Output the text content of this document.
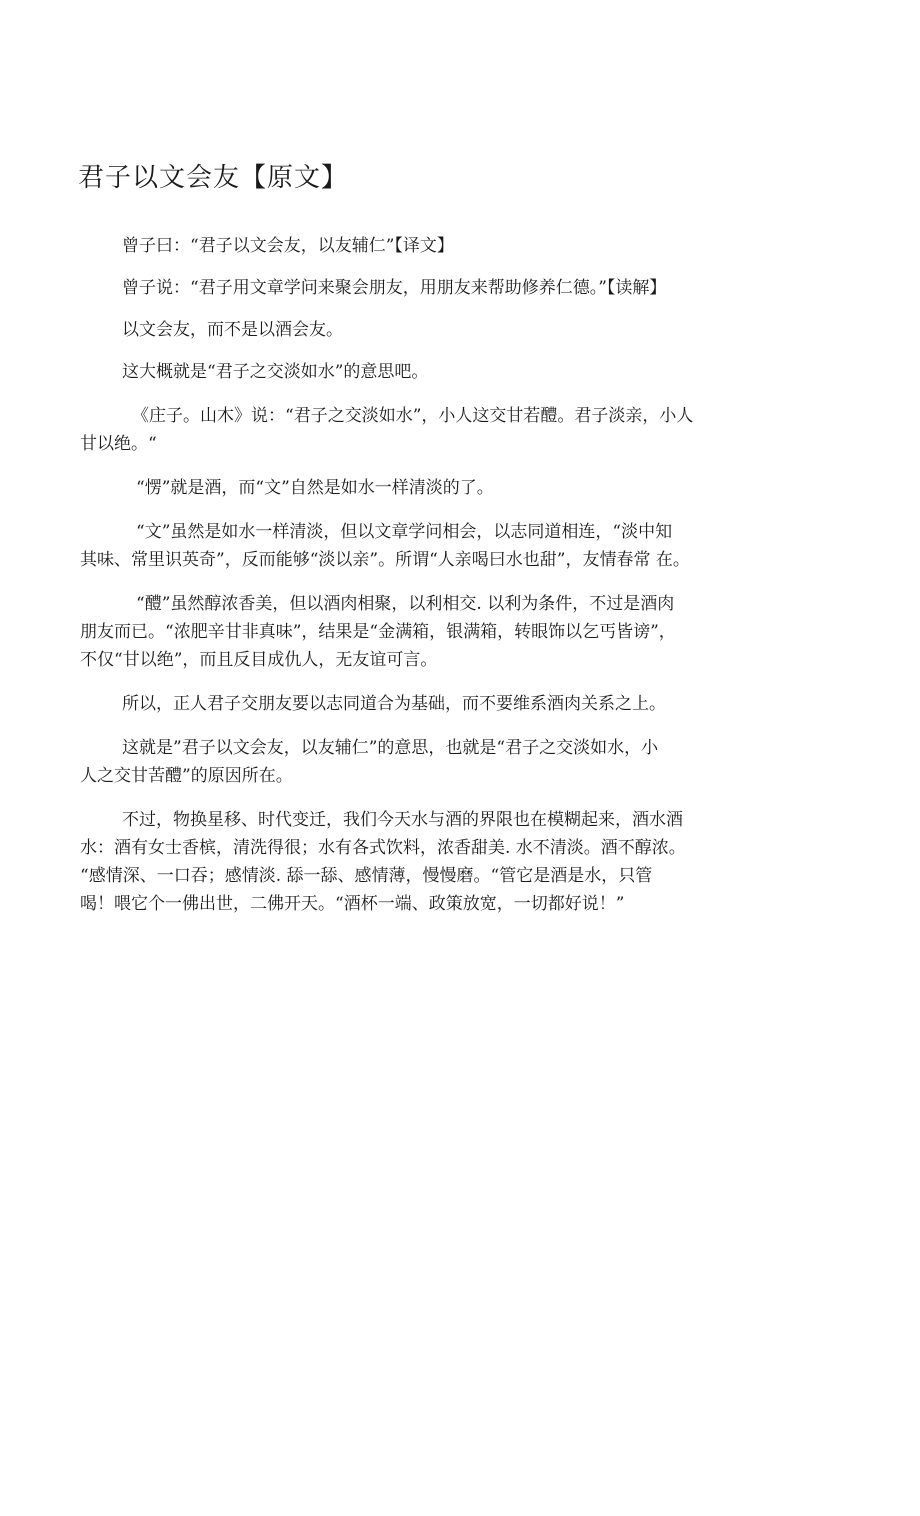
君子以文会友【原文】

曾子曰：“君子以文会友，以友辅仁”【译文】

曾子说：“君子用文章学问来聚会朋友，用朋友来帮助修养仁德。”【读解】

以文会友，而不是以酒会友。

这大概就是“君子之交淡如水”的意思吧。

《庄子。山木》说：“君子之交淡如水”，小人这交甘若醴。君子淡亲，小人
甘以绝。“

“愣”就是酒，而“文”自然是如水一样清淡的了。

“文”虽然是如水一样清淡，但以文章学问相会，以志同道相连，“淡中知
其味、常里识英奇”，反而能够“淡以亲”。所谓“人亲喝曰水也甜”，友情春常 在。

“醴”虽然醇浓香美，但以酒肉相聚，以利相交. 以利为条件，不过是酒肉
朋友而已。“浓肥辛甘非真味”，结果是“金满箱，银满箱，转眼饰以乞丐皆谤”，
不仅“甘以绝”，而且反目成仇人，无友谊可言。

所以，正人君子交朋友要以志同道合为基础，而不要维系酒肉关系之上。

这就是”君子以文会友，以友辅仁”的意思，也就是“君子之交淡如水，小
人之交甘苦醴”的原因所在。

不过，物换星移、时代变迁，我们今天水与酒的界限也在模糊起来，酒水酒
水：酒有女士香槟，清洗得很；水有各式饮料，浓香甜美. 水不清淡。酒不醇浓。
“感情深、一口吞；感情淡. 舔一舔、感情薄，慢慢磨。“管它是酒是水，只管
喝！喂它个一佛出世，二佛开天。“酒杯一端、政策放宽，一切都好说！”
